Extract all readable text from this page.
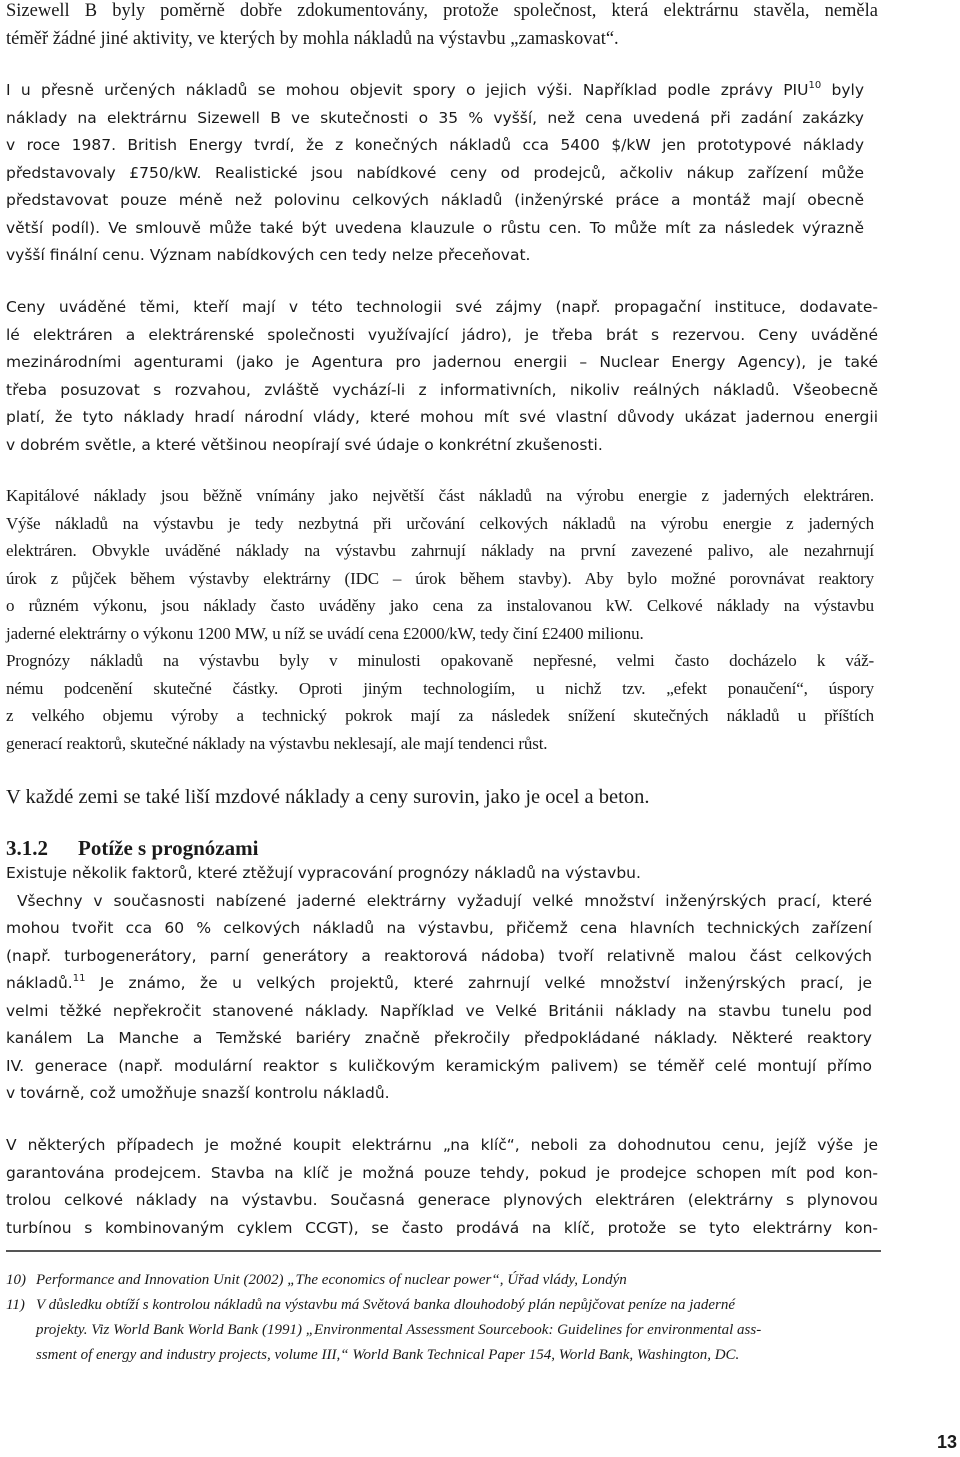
Sizewell B byly poměrně dobře zdokumentovány, protože společnost, která elektrárnu stavěla, neměla
téměř žádné jiné aktivity, ve kterých by mohla nákladů na výstavbu „zamaskovat“.
I u přesně určených nákladů se mohou objevit spory o jejich výši. Například podle zprávy PIU$^{10}$ byly
náklady na elektrárnu Sizewell B ve skutečnosti o 35 % vyšší, než cena uvedená při zadání zakázky
v roce 1987. British Energy tvrdí, že z konečných nákladů cca 5400 $/kW jen prototypové náklady
představovaly £750/kW. Realistické jsou nabídkové ceny od prodejců, ačkoliv nákup zařízení může
představovat pouze méně než polovinu celkových nákladů (inženýrské práce a montáž mají obecně
větší podíl). Ve smlouvě může také být uvedena klauzule o růstu cen. To může mít za následek výrazně
vyšší finální cenu. Význam nabídkových cen tedy nelze přeceňovat.
Ceny uváděné těmi, kteří mají v této technologii své zájmy (např. propagační instituce, dodavate-
lé elektráren a elektrárenské společnosti využívající jádro), je třeba brát s rezervou. Ceny uváděné
mezinárodními agenturami (jako je Agentura pro jadernou energii – Nuclear Energy Agency), je také
třeba posuzovat s rozvahou, zvláště vychází-li z informativních, nikoliv reálných nákladů. Všeobecně
platí, že tyto náklady hradí národní vlády, které mohou mít své vlastní důvody ukázat jadernou energii
v dobrém světle, a které většinou neopírají své údaje o konkrétní zkušenosti.
Kapitálové náklady jsou běžně vnímány jako největší část nákladů na výrobu energie z jaderných elektráren.
Výše nákladů na výstavbu je tedy nezbytná při určování celkových nákladů na výrobu energie z jaderných
elektráren. Obvykle uváděné náklady na výstavbu zahrnují náklady na první zavezené palivo, ale nezahrnují
úrok z půjček během výstavby elektrárny (IDC – úrok během stavby). Aby bylo možné porovnávat reaktory
o různém výkonu, jsou náklady často uváděny jako cena za instalovanou kW. Celkové náklady na výstavbu
jaderné elektrárny o výkonu 1200 MW, u níž se uvádí cena £2000/kW, tedy činí £2400 milionu.
Prognózy nákladů na výstavbu byly v minulosti opakovaně nepřesné, velmi často docházelo k váž-
nému podcenění skutečné částky. Oproti jiným technologiím, u nichž tzv. „efekt ponaučení“, úspory
z velkého objemu výroby a technický pokrok mají za následek snížení skutečných nákladů u příštích
generací reaktorů, skutečné náklady na výstavbu neklesají, ale mají tendenci růst.
V každé zemi se také liší mzdové náklady a ceny surovin, jako je ocel a beton.
3.1.2 Potíže s prognózami
Existuje několik faktorů, které ztěžují vypracování prognózy nákladů na výstavbu.
Všechny v současnosti nabízené jaderné elektrárny vyžadují velké množství inženýrských prací, které
mohou tvořit cca 60 % celkových nákladů na výstavbu, přičemž cena hlavních technických zařízení
(např. turbogenerátory, parní generátory a reaktorová nádoba) tvoří relativně malou část celkových
nákladů.$^{11}$ Je známo, že u velkých projektů, které zahrnují velké množství inženýrských prací, je
velmi těžké nepřekročit stanovené náklady. Například ve Velké Británii náklady na stavbu tunelu pod
kanálem La Manche a Temžské bariéry značně překročily předpokládané náklady. Některé reaktory
IV. generace (např. modulární reaktor s kuličkovým keramickým palivem) se téměř celé montují přímo
v továrně, což umožňuje snazší kontrolu nákladů.
V některých případech je možné koupit elektrárnu „na klíč“, neboli za dohodnutou cenu, jejíž výše je
garantována prodejcem. Stavba na klíč je možná pouze tehdy, pokud je prodejce schopen mít pod kon-
trolou celkové náklady na výstavbu. Současná generace plynových elektráren (elektrárny s plynovou
turbínou s kombinovaným cyklem CCGT), se často prodává na klíč, protože se tyto elektrárny kon-
10) Performance and Innovation Unit (2002) „The economics of nuclear power“, Úřad vlády, Londýn
11) V důsledku obtíží s kontrolou nákladů na výstavbu má Světová banka dlouhodobý plán nepůjčovat peníze na jaderné
projekty. Viz World Bank World Bank (1991) „Environmental Assessment Sourcebook: Guidelines for environmental ass-
ssment of energy and industry projects, volume III,“ World Bank Technical Paper 154, World Bank, Washington, DC.
13
